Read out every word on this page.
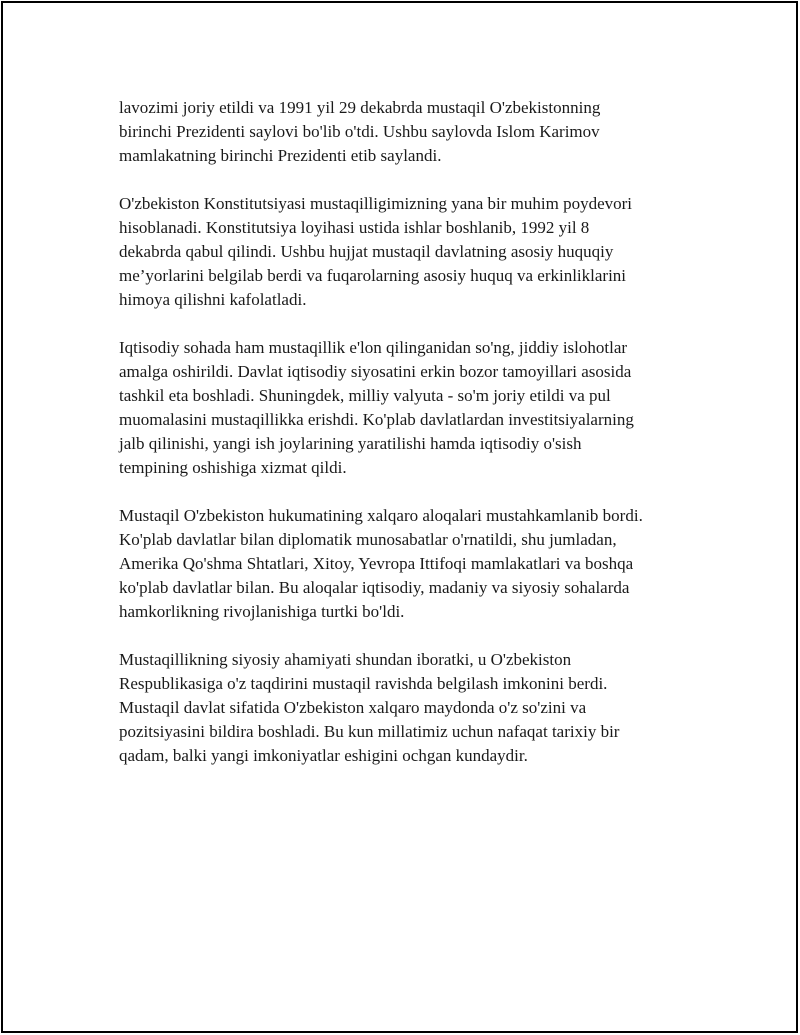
lavozimi joriy etildi va 1991 yil 29 dekabrda mustaqil O'zbekistonning
birinchi Prezidenti saylovi bo'lib o'tdi. Ushbu saylovda Islom Karimov
mamlakatning birinchi Prezidenti etib saylandi.

O'zbekiston Konstitutsiyasi mustaqilligimizning yana bir muhim poydevori
hisoblanadi. Konstitutsiya loyihasi ustida ishlar boshlanib, 1992 yil 8
dekabrda qabul qilindi. Ushbu hujjat mustaqil davlatning asosiy huquqiy
me’yorlarini belgilab berdi va fuqarolarning asosiy huquq va erkinliklarini
himoya qilishni kafolatladi.

Iqtisodiy sohada ham mustaqillik e'lon qilinganidan so'ng, jiddiy islohotlar
amalga oshirildi. Davlat iqtisodiy siyosatini erkin bozor tamoyillari asosida
tashkil eta boshladi. Shuningdek, milliy valyuta - so'm joriy etildi va pul
muomalasini mustaqillikka erishdi. Ko'plab davlatlardan investitsiyalarning
jalb qilinishi, yangi ish joylarining yaratilishi hamda iqtisodiy o'sish
tempining oshishiga xizmat qildi.

Mustaqil O'zbekiston hukumatining xalqaro aloqalari mustahkamlanib bordi.
Ko'plab davlatlar bilan diplomatik munosabatlar o'rnatildi, shu jumladan,
Amerika Qo'shma Shtatlari, Xitoy, Yevropa Ittifoqi mamlakatlari va boshqa
ko'plab davlatlar bilan. Bu aloqalar iqtisodiy, madaniy va siyosiy sohalarda
hamkorlikning rivojlanishiga turtki bo'ldi.

Mustaqillikning siyosiy ahamiyati shundan iboratki, u O'zbekiston
Respublikasiga o'z taqdirini mustaqil ravishda belgilash imkonini berdi.
Mustaqil davlat sifatida O'zbekiston xalqaro maydonda o'z so'zini va
pozitsiyasini bildira boshladi. Bu kun millatimiz uchun nafaqat tarixiy bir
qadam, balki yangi imkoniyatlar eshigini ochgan kundaydir.
